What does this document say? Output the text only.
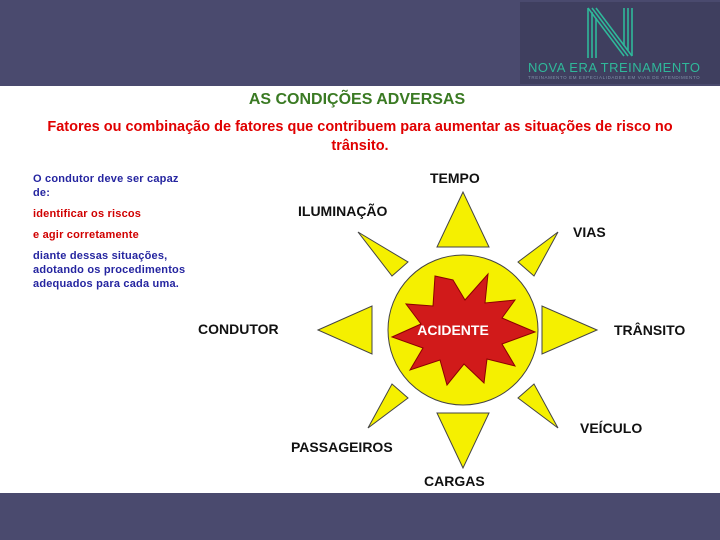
NOVA ERA TREINAMENTO
TREINAMENTO EM ESPECIALIDADES EM VIAS DE ATENDIMENTO
AS CONDIÇÕES ADVERSAS
Fatores ou combinação de fatores que contribuem para aumentar as situações de risco no trânsito.
O condutor deve ser capaz de:
identificar os riscos
e agir corretamente
diante dessas situações, adotando os procedimentos adequados para cada uma.
ACIDENTE
TEMPO
ILUMINAÇÃO
VIAS
CONDUTOR	TRÂNSITO
VEÍCULO
PASSAGEIROS
CARGAS
